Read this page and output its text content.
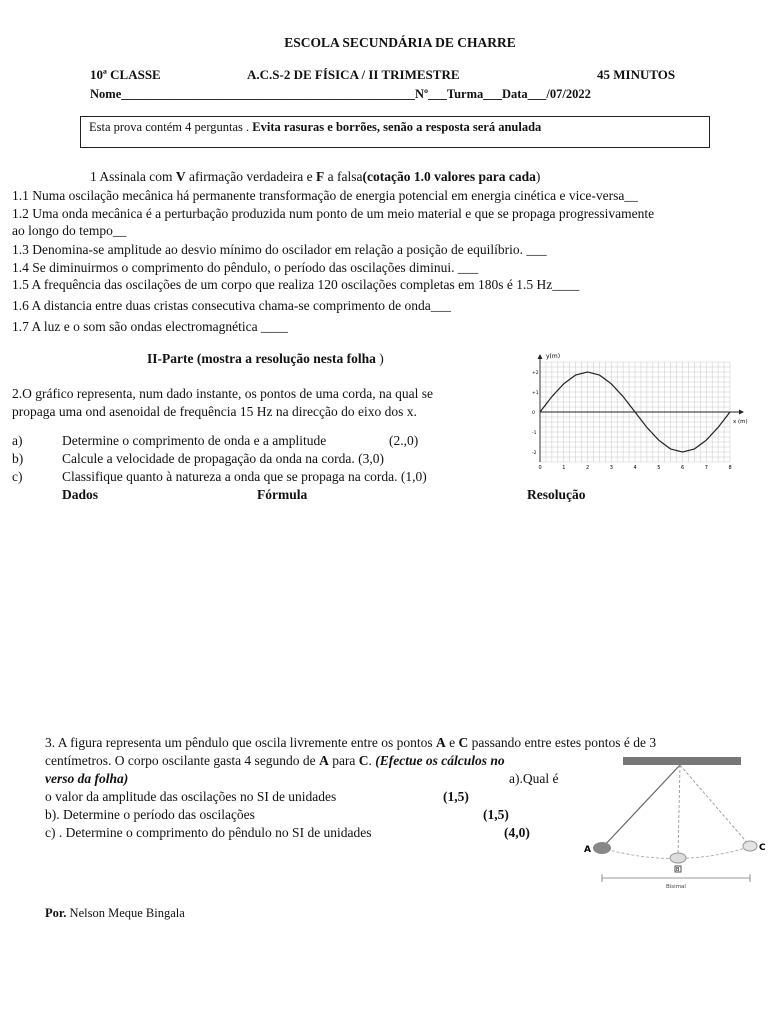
ESCOLA SECUNDÁRIA DE CHARRE
10ª CLASSE	A.C.S-2 DE FÍSICA / II TRIMESTRE	45 MINUTOS
Nome_______________________________________________Nº___Turma___Data___/07/2022
Esta prova contém 4 perguntas . Evita rasuras e borrões, senão a resposta será anulada
1 Assinala com V afirmação verdadeira e F a falsa(cotação 1.0 valores para cada)
1.1 Numa oscilação mecânica há permanente transformação de energia potencial em energia cinética e vice-versa__
1.2 Uma onda mecânica é a perturbação produzida num ponto de um meio material e que se propaga progressivamente
ao longo do tempo__
1.3 Denomina-se amplitude ao desvio mínimo do oscilador em relação a posição de equilíbrio. ___
1.4 Se diminuirmos o comprimento do pêndulo, o período das oscilações diminui. ___
1.5 A frequência das oscilações de um corpo que realiza 120 oscilações completas em 180s é 1.5 Hz____
1.6 A distancia entre duas cristas consecutiva chama-se comprimento de onda___
1.7 A luz e o som são ondas electromagnética ____
II-Parte (mostra a resolução nesta folha )
2.O gráfico representa, num dado instante, os pontos de uma corda, na qual se
propaga uma ond asenoidal de frequência 15 Hz na direcção do eixo dos x.
a)	Determine o comprimento de onda e a amplitude	(2.,0)
b)	Calcule a velocidade de propagação da onda na corda. (3,0)
c)	Classifique quanto à natureza a onda que se propaga na corda. (1,0)
Dados	Fórmula	Resolução
0	1	2	3	4	5	6	7	8
+2
+1
0
-1
-2
y(m)
x (m)
3. A figura representa um pêndulo que oscila livremente entre os pontos A e C passando entre estes pontos é de 3
centímetros. O corpo oscilante gasta 4 segundo de A para C. (Efectue os cálculos no
verso da folha)	a).Qual é
o valor da amplitude das oscilações no SI de unidades	(1,5)
b). Determine o período das oscilações	(1,5)
c) . Determine o comprimento do pêndulo no SI de unidades	(4,0)
A	C
B
Bisimal
Por. Nelson Meque Bingala
